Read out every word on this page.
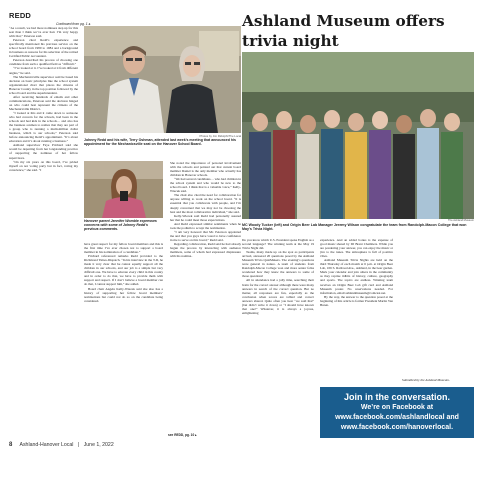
REDD
Continued from pg. 1 ▸

“As a result, we had more nominees step up for this seat than I think we’ve ever had. I’m very happy with that,” Peterson said.

Peterson cited Redd’s experience and specifically mentioned his previous service on the school board from 1980 to 1984 and a background in business as reasons for his selection of the retired Certified Public Accountant.

Peterson described his process of choosing one candidate from such a qualified field as “difficult.”

“I’ve looked at it. I’ve looked at it from different angles,” he said.

The Mechanicsville supervisor said he based his decision on basic principles like the school system organizational chart that places the citizens of Hanover County in the top position followed by the school board and the superintendent.

After receiving hundreds of emails and other communications, Peterson said the decision hinged on who could best represent the citizens of the Mechanicsville District.

“I looked at this and it came down to someone who had concern for the schools, had been in the schools and had kids in the schools… and also has the business acumen to realize that they are part of a group who is running a multi-million dollar business, which is our schools,” Peterson said before announcing Redd’s appointment. “It’s about education and it’s about running a business.”

Ashland supervisor Faye Prichard said she would be departing from her longstanding practice of supporting the nominee of her fellow supervisors.

“On my six years on this board, I’ve prided myself on not voting party but in fact, voting my conscience,” she said. “I

Photos by Jim Ridolphi/The Local
Johnny Redd and his wife, Terry Oshman, attended last week’s meeting that announced his appointment for the Mechanicsville seat on the Hanover School Board.
Hanover parent Jennifer Womble expresses concerns with some of Johnny Redd’s previous comments.

have great respect for my fellow board members and this is the first time I’ve ever chosen not to support a board member in his nomination of a candidate.”

Prichard referenced remarks Redd provided to the Richmond Times-Dispatch. “In his interview in the T-D, he made it very clear that he cannot equally support all the children in our schools, and our job is a simple but very difficult one. We have to educate every child in this county and in order to do that, we have to provide them with support and respect. If I don’t believe a board member can do that, I cannot support him,” she added.

Board chair Angela Kelly-Wiecek said she also has a history of supporting her fellow board members’ nominations but could not do so on the candidate being considered.

She noted the importance of personal involvement with the schools and pointed out that current board member Daniel is the only member who actually has children in Hanover schools.

“We had several candidates… who had children in the school system and who would be new to the school board. I think that is a valuable voice,” Kelly-Wiecek said.

The chair also cited the need for collaboration for anyone willing to work on the school board. “It is essential that you collaborate with people, and I’m deeply concerned that we may not be choosing the best and the most collaborative individual,” she said.

Kelly-Wiecek said Redd had personally assured her that he could meet those expectations.

And Redd expressed similar sentiments when he took the podium to accept the nomination.

“I am very honored that Mr. Peterson appointed me and that you guys have voted to have confidence in me to serve on this board,” Redd said.

Regarding collaboration, Redd said he had already begun the process by interacting with audience members, some of whom had expressed displeasure with his nomina-

see REDD, pg. 10 ▸
8 Ashland-Hanover Local | June 1, 2022
Ashland Museum offers trivia night
The Ashland Museum
MC Woody Tucker (left) and Origin Beer Lab Manager Jeremy Wilson congratulate the team from Randolph-Macon College that won May’s Trivia Night.

Do you know which U.S. President spoke English as a second language? The winning team at the May 19 Trivia Night did.

Teams, many made up on the spot as participants arrived, answered 20 questions posed by the Ashland Museum Trivia QuizMakers. The evening’s questions were general in nature. A team of students from Randolph-Macon College won and more senior folks wondered how they knew the answers to some of those questions!

All in attendance had a jolly time, searching their brain for the correct answer although there were many answers in search of the correct question. But no matter, all responses are fun, especially as the conclusion when scores are tallied and correct answers shared. Quite often you hear “we said that” (but didn’t write it down) or “I should have known that one!” Whatever, it is always a joyous, enlightening

experience. And an added bonus is the expense of good music shared by DJ Brent Chambers. While you are pondering your answer, you can enjoy the music or jive to the tunes. The atmosphere is full of positive vibes.

Ashland Museum Trivia Nights are held on the third Thursday of each month at 6 p.m. at Origin Beer Lab, 106 S. Railroad Ave., Ashland, in the beer garden. Mark your calendar and join others in the community as they reprise tidbits of history, culture, geography and sports. The topics are endless. Winning team receives an Origin Beer Lab gift card and Ashland Museum poster. No reservations needed. For information, email ashlandmuseum@comcast.net.

By the way, the answer to the question posed at the beginning of this article is former President Martin Van Buren.

Submitted by the Ashland Museum.
Join in the conversation.
We’re on Facebook at
www.facebook.com/ashlandlocal and
www.facebook.com/hanoverlocal.
